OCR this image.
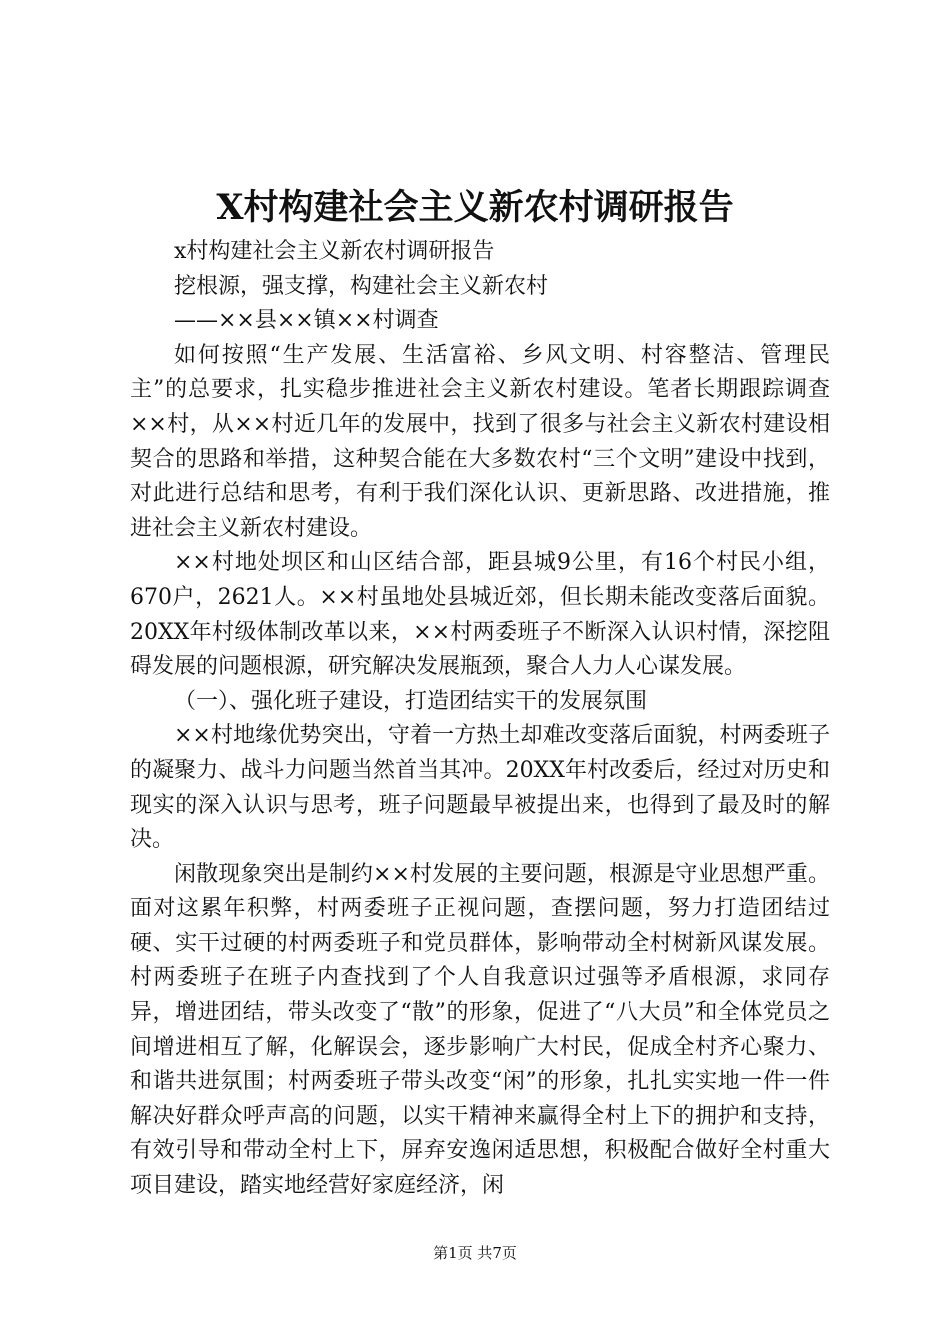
X村构建社会主义新农村调研报告

x村构建社会主义新农村调研报告

挖根源，强支撑，构建社会主义新农村

——××县××镇××村调查

如何按照“生产发展、生活富裕、乡风文明、村容整洁、管理民主”的总要求，扎实稳步推进社会主义新农村建设。笔者长期跟踪调查××村，从××村近几年的发展中，找到了很多与社会主义新农村建设相契合的思路和举措，这种契合能在大多数农村“三个文明”建设中找到，对此进行总结和思考，有利于我们深化认识、更新思路、改进措施，推进社会主义新农村建设。

××村地处坝区和山区结合部，距县城9公里，有16个村民小组，670户，2621人。××村虽地处县城近郊，但长期未能改变落后面貌。20XX年村级体制改革以来，××村两委班子不断深入认识村情，深挖阻碍发展的问题根源，研究解决发展瓶颈，聚合人力人心谋发展。

（一）、强化班子建设，打造团结实干的发展氛围

××村地缘优势突出，守着一方热土却难改变落后面貌，村两委班子的凝聚力、战斗力问题当然首当其冲。20XX年村改委后，经过对历史和现实的深入认识与思考，班子问题最早被提出来，也得到了最及时的解决。

闲散现象突出是制约××村发展的主要问题，根源是守业思想严重。面对这累年积弊，村两委班子正视问题，查摆问题，努力打造团结过硬、实干过硬的村两委班子和党员群体，影响带动全村树新风谋发展。村两委班子在班子内查找到了个人自我意识过强等矛盾根源，求同存异，增进团结，带头改变了“散”的形象，促进了“八大员”和全体党员之间增进相互了解，化解误会，逐步影响广大村民，促成全村齐心聚力、和谐共进氛围；村两委班子带头改变“闲”的形象，扎扎实实地一件一件解决好群众呼声高的问题，以实干精神来赢得全村上下的拥护和支持，有效引导和带动全村上下，屏弃安逸闲适思想，积极配合做好全村重大项目建设，踏实地经营好家庭经济，闲

第1页 共7页
